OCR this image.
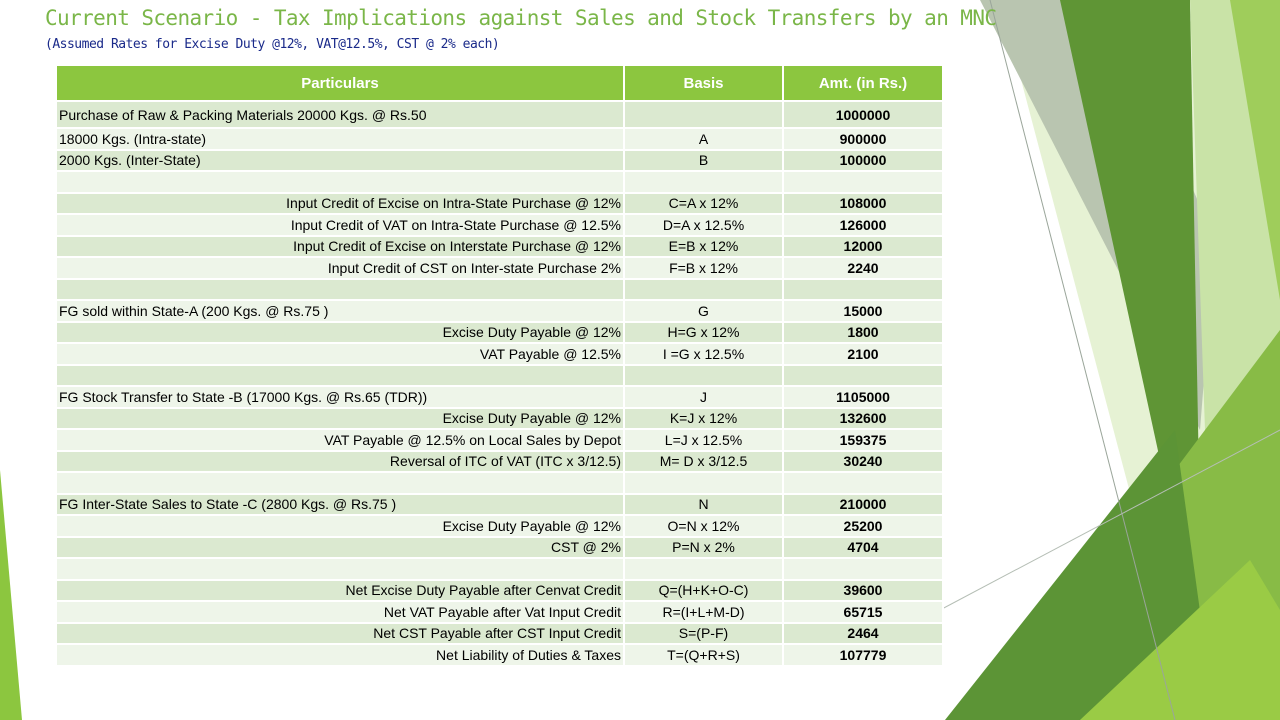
Current Scenario - Tax Implications against Sales and Stock Transfers by an MNC
(Assumed Rates for Excise Duty @12%, VAT@12.5%, CST @ 2% each)
Particulars	Basis	Amt. (in Rs.)
Purchase of Raw & Packing Materials 20000 Kgs. @ Rs.50		1000000
18000 Kgs. (Intra-state)	A	900000
2000 Kgs. (Inter-State)	B	100000

Input Credit of Excise on Intra-State Purchase @ 12%	C=A x 12%	108000
Input Credit of VAT on Intra-State Purchase @ 12.5%	D=A x 12.5%	126000
Input Credit of Excise on Interstate Purchase @ 12%	E=B x 12%	12000
Input Credit of CST on Inter-state Purchase 2%	F=B x 12%	2240

FG sold within State-A (200 Kgs. @ Rs.75 )	G	15000
Excise Duty Payable @ 12%	H=G x 12%	1800
VAT Payable @ 12.5%	I =G x 12.5%	2100

FG Stock Transfer to State -B (17000 Kgs. @ Rs.65 (TDR))	J	1105000
Excise Duty Payable @ 12%	K=J x 12%	132600
VAT Payable @ 12.5% on Local Sales by Depot	L=J x 12.5%	159375
Reversal of ITC of VAT (ITC x 3/12.5)	M= D x 3/12.5	30240

FG Inter-State Sales to State -C (2800 Kgs. @ Rs.75 )	N	210000
Excise Duty Payable @ 12%	O=N x 12%	25200
CST @ 2%	P=N x 2%	4704

Net Excise Duty Payable after Cenvat Credit	Q=(H+K+O-C)	39600
Net VAT Payable after Vat Input Credit	R=(I+L+M-D)	65715
Net CST Payable after CST Input Credit	S=(P-F)	2464
Net Liability of Duties & Taxes	T=(Q+R+S)	107779
